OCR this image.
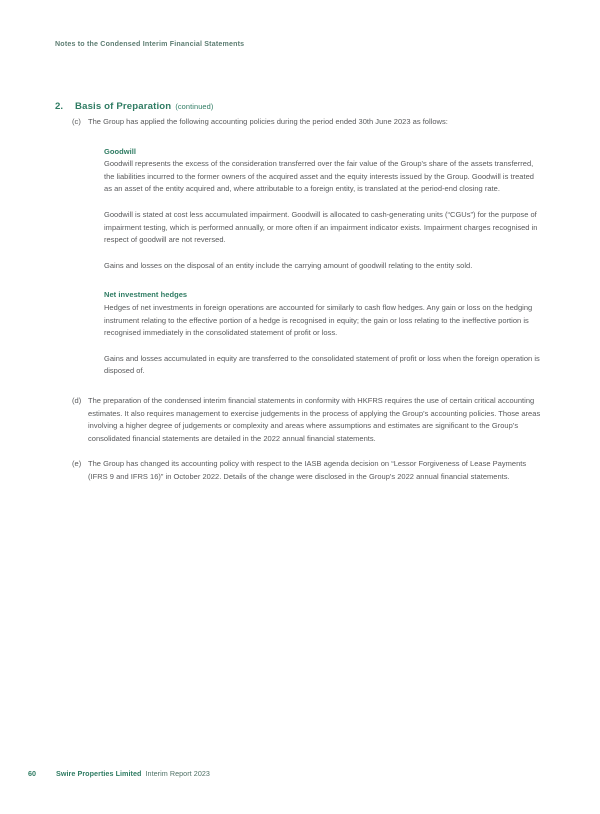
Notes to the Condensed Interim Financial Statements
2.	Basis of Preparation (continued)
(c) The Group has applied the following accounting policies during the period ended 30th June 2023 as follows:

Goodwill

Goodwill represents the excess of the consideration transferred over the fair value of the Group's share of the assets transferred, the liabilities incurred to the former owners of the acquired asset and the equity interests issued by the Group. Goodwill is treated as an asset of the entity acquired and, where attributable to a foreign entity, is translated at the period-end closing rate.

Goodwill is stated at cost less accumulated impairment. Goodwill is allocated to cash-generating units (“CGUs”) for the purpose of impairment testing, which is performed annually, or more often if an impairment indicator exists. Impairment charges recognised in respect of goodwill are not reversed.

Gains and losses on the disposal of an entity include the carrying amount of goodwill relating to the entity sold.

Net investment hedges

Hedges of net investments in foreign operations are accounted for similarly to cash flow hedges. Any gain or loss on the hedging instrument relating to the effective portion of a hedge is recognised in equity; the gain or loss relating to the ineffective portion is recognised immediately in the consolidated statement of profit or loss.

Gains and losses accumulated in equity are transferred to the consolidated statement of profit or loss when the foreign operation is disposed of.

(d) The preparation of the condensed interim financial statements in conformity with HKFRS requires the use of certain critical accounting estimates. It also requires management to exercise judgements in the process of applying the Group’s accounting policies. Those areas involving a higher degree of judgements or complexity and areas where assumptions and estimates are significant to the Group’s consolidated financial statements are detailed in the 2022 annual financial statements.

(e) The Group has changed its accounting policy with respect to the IASB agenda decision on “Lessor Forgiveness of Lease Payments (IFRS 9 and IFRS 16)” in October 2022. Details of the change were disclosed in the Group's 2022 annual financial statements.

60	Swire Properties Limited Interim Report 2023
